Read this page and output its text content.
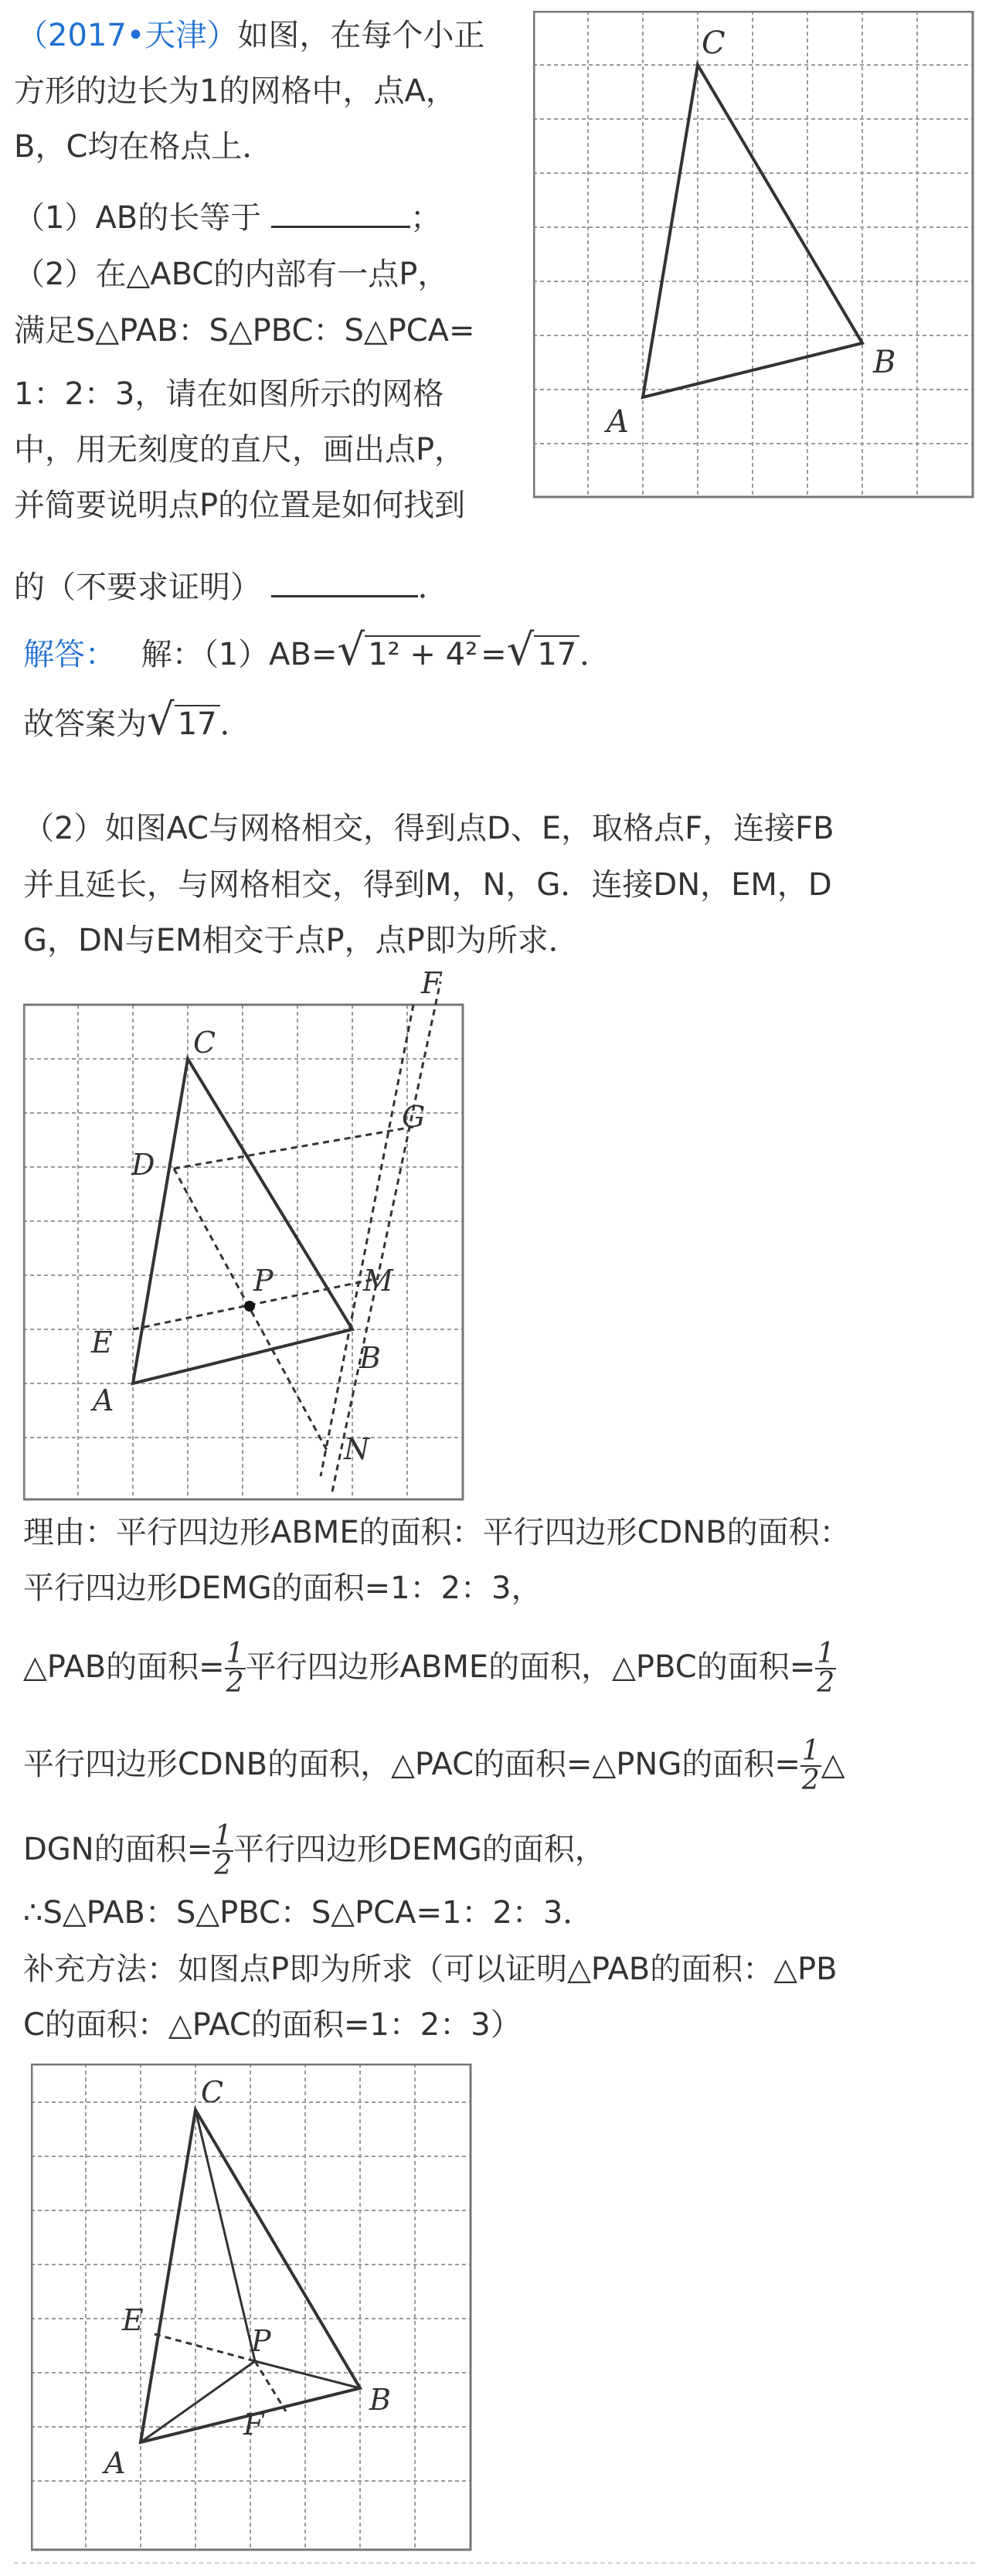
（2017•天津）如图，在每个小正
方形的边长为1的网格中，点A，
B，C均在格点上．
（1）AB的长等于	；
（2）在△ABC的内部有一点P，
满足S△PAB：S△PBC：S△PCA=
1：2：3，请在如图所示的网格
中，用无刻度的直尺，画出点P，
并简要说明点P的位置是如何找到
的（不要求证明）	．
C
B
A
解答： 解：（1）AB=√ 1² + 4² =√ 17 ．
故答案为√ 17 ．
（2）如图AC与网格相交，得到点D、E，取格点F，连接FB
并且延长，与网格相交，得到M，N，G．连接DN，EM，D
G，DN与EM相交于点P，点P即为所求．
F
C
G
D
P	M
E	B
A
N
理由：平行四边形ABME的面积：平行四边形CDNB的面积：
平行四边形DEMG的面积=1：2：3，
△PAB的面积= $\frac{1}{2}$ 平行四边形ABME的面积，△PBC的面积= $\frac{1}{2}$
平行四边形CDNB的面积，△PAC的面积=△PNG的面积= $\frac{1}{2}$ △
DGN的面积= $\frac{1}{2}$ 平行四边形DEMG的面积，
∴S△PAB：S△PBC：S△PCA=1：2：3．
补充方法：如图点P即为所求（可以证明△PAB的面积：△PB
C的面积：△PAC的面积=1：2：3）
C
E
P
B
F
A
